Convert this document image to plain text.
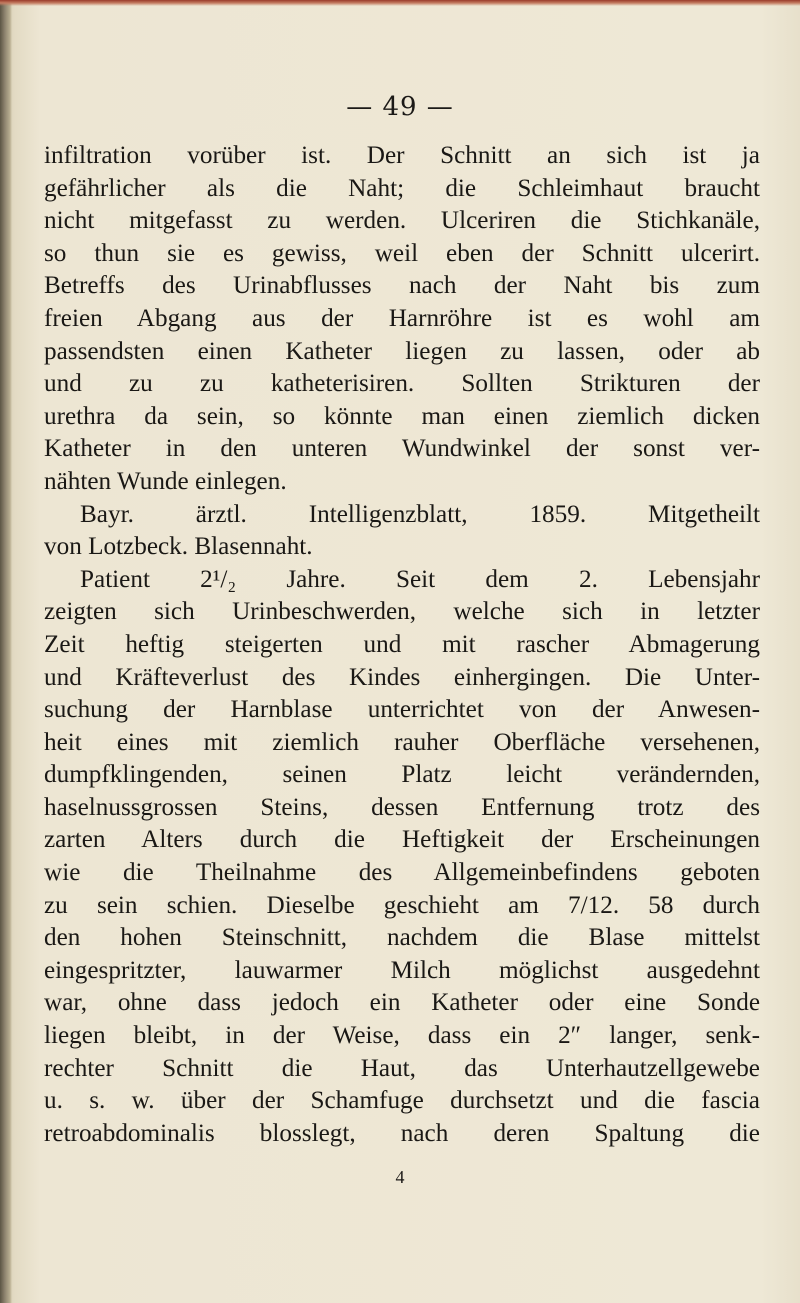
— 49 —
infiltration vorüber ist. Der Schnitt an sich ist ja
gefährlicher als die Naht; die Schleimhaut braucht
nicht mitgefasst zu werden. Ulceriren die Stichkanäle,
so thun sie es gewiss, weil eben der Schnitt ulcerirt.
Betreffs des Urinabflusses nach der Naht bis zum
freien Abgang aus der Harnröhre ist es wohl am
passendsten einen Katheter liegen zu lassen, oder ab
und zu zu katheterisiren. Sollten Strikturen der
urethra da sein, so könnte man einen ziemlich dicken
Katheter in den unteren Wundwinkel der sonst ver-
nähten Wunde einlegen.
Bayr. ärztl. Intelligenzblatt, 1859. Mitgetheilt
von Lotzbeck. Blasennaht.
Patient 2¹/₂ Jahre. Seit dem 2. Lebensjahr
zeigten sich Urinbeschwerden, welche sich in letzter
Zeit heftig steigerten und mit rascher Abmagerung
und Kräfteverlust des Kindes einhergingen. Die Unter-
suchung der Harnblase unterrichtet von der Anwesen-
heit eines mit ziemlich rauher Oberfläche versehenen,
dumpfklingenden, seinen Platz leicht verändernden,
haselnussgrossen Steins, dessen Entfernung trotz des
zarten Alters durch die Heftigkeit der Erscheinungen
wie die Theilnahme des Allgemeinbefindens geboten
zu sein schien. Dieselbe geschieht am 7/12. 58 durch
den hohen Steinschnitt, nachdem die Blase mittelst
eingespritzter, lauwarmer Milch möglichst ausgedehnt
war, ohne dass jedoch ein Katheter oder eine Sonde
liegen bleibt, in der Weise, dass ein 2″ langer, senk-
rechter Schnitt die Haut, das Unterhautzellgewebe
u. s. w. über der Schamfuge durchsetzt und die fascia
retroabdominalis blosslegt, nach deren Spaltung die
4
